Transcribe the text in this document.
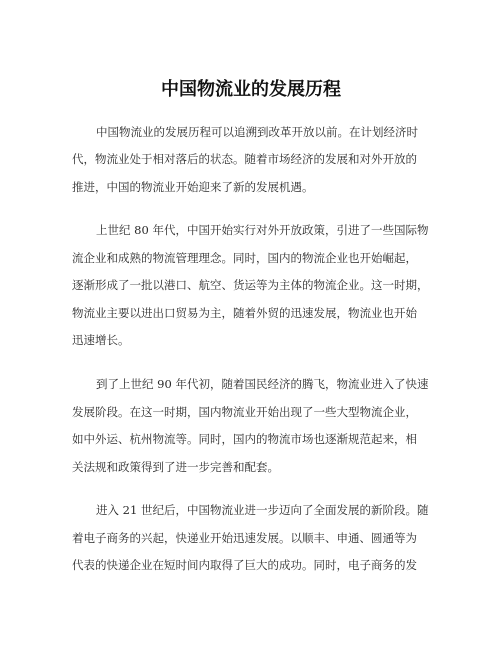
中国物流业的发展历程
中国物流业的发展历程可以追溯到改革开放以前。在计划经济时
代，物流业处于相对落后的状态。随着市场经济的发展和对外开放的
推进，中国的物流业开始迎来了新的发展机遇。
上世纪 80 年代，中国开始实行对外开放政策，引进了一些国际物
流企业和成熟的物流管理理念。同时，国内的物流企业也开始崛起，
逐渐形成了一批以港口、航空、货运等为主体的物流企业。这一时期，
物流业主要以进出口贸易为主，随着外贸的迅速发展，物流业也开始
迅速增长。
到了上世纪 90 年代初，随着国民经济的腾飞，物流业进入了快速
发展阶段。在这一时期，国内物流业开始出现了一些大型物流企业，
如中外运、杭州物流等。同时，国内的物流市场也逐渐规范起来，相
关法规和政策得到了进一步完善和配套。
进入 21 世纪后，中国物流业进一步迈向了全面发展的新阶段。随
着电子商务的兴起，快递业开始迅速发展。以顺丰、申通、圆通等为
代表的快递企业在短时间内取得了巨大的成功。同时，电子商务的发
